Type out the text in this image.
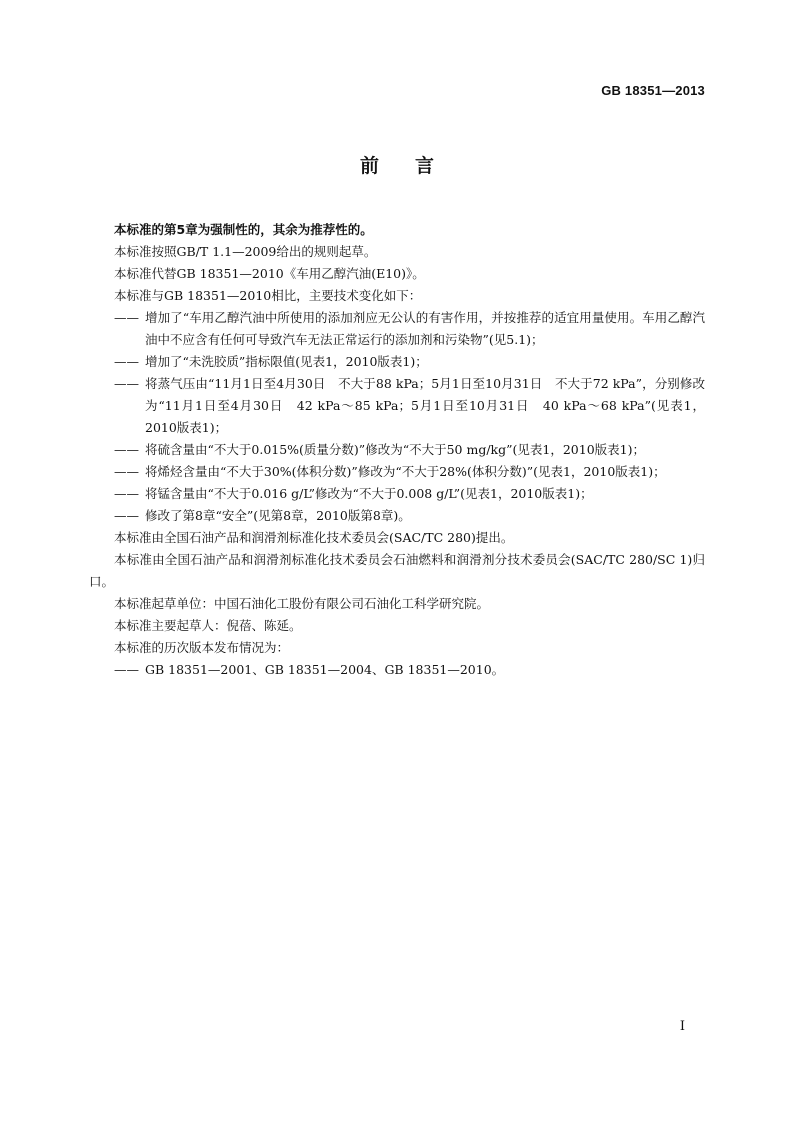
GB 18351—2013
前言

本标准的第5章为强制性的，其余为推荐性的。

本标准按照GB/T 1.1—2009给出的规则起草。

本标准代替GB 18351—2010《车用乙醇汽油(E10)》。

本标准与GB 18351—2010相比，主要技术变化如下：

—— 增加了“车用乙醇汽油中所使用的添加剂应无公认的有害作用，并按推荐的适宜用量使用。车用乙醇汽油中不应含有任何可导致汽车无法正常运行的添加剂和污染物”(见5.1)；

—— 增加了“未洗胶质”指标限值(见表1，2010版表1)；

—— 将蒸气压由“11月1日至4月30日　不大于88 kPa；5月1日至10月31日　不大于72 kPa”，分别修改为“11月1日至4月30日　42 kPa～85 kPa；5月1日至10月31日　40 kPa～68 kPa”(见表1，2010版表1)；

—— 将硫含量由“不大于0.015%(质量分数)”修改为“不大于50 mg/kg”(见表1，2010版表1)；

—— 将烯烃含量由“不大于30%(体积分数)”修改为“不大于28%(体积分数)”(见表1，2010版表1)；

—— 将锰含量由“不大于0.016 g/L”修改为“不大于0.008 g/L”(见表1，2010版表1)；

—— 修改了第8章“安全”(见第8章，2010版第8章)。

本标准由全国石油产品和润滑剂标准化技术委员会(SAC/TC 280)提出。

本标准由全国石油产品和润滑剂标准化技术委员会石油燃料和润滑剂分技术委员会(SAC/TC 280/SC 1)归口。

本标准起草单位：中国石油化工股份有限公司石油化工科学研究院。

本标准主要起草人：倪蓓、陈延。

本标准的历次版本发布情况为：

—— GB 18351—2001、GB 18351—2004、GB 18351—2010。

I
